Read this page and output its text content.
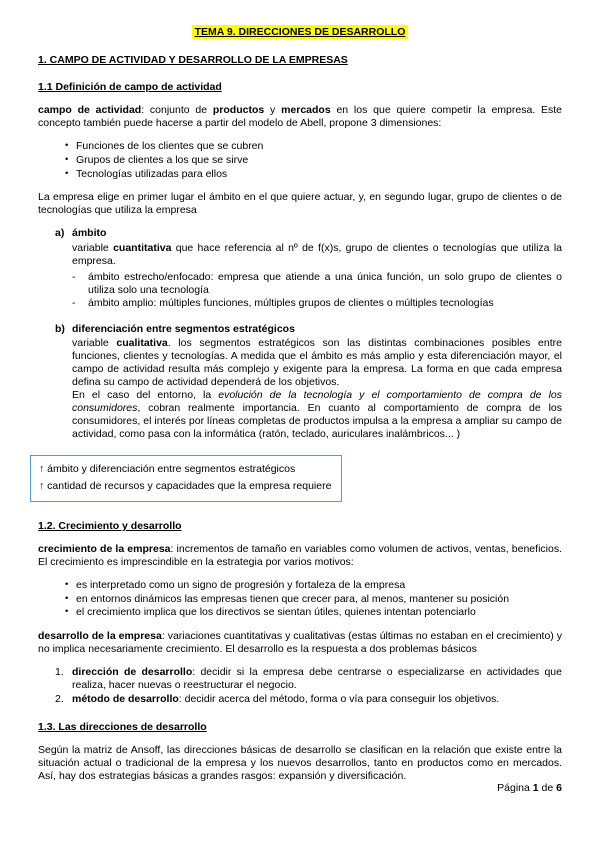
TEMA 9. DIRECCIONES DE DESARROLLO
1. CAMPO DE ACTIVIDAD Y DESARROLLO DE LA EMPRESAS
1.1 Definición de campo de actividad
campo de actividad: conjunto de productos y mercados en los que quiere competir la empresa. Este concepto también puede hacerse a partir del modelo de Abell, propone 3 dimensiones:
• Funciones de los clientes que se cubren
• Grupos de clientes a los que se sirve
• Tecnologías utilizadas para ellos
La empresa elige en primer lugar el ámbito en el que quiere actuar, y, en segundo lugar, grupo de clientes o de tecnologías que utiliza la empresa
a) ámbito
variable cuantitativa que hace referencia al nº de f(x)s, grupo de clientes o tecnologías que utiliza la empresa.
-	ámbito estrecho/enfocado: empresa que atiende a una única función, un solo grupo de clientes o utiliza solo una tecnología
-	ámbito amplio: múltiples funciones, múltiples grupos de clientes o múltiples tecnologías
b) diferenciación entre segmentos estratégicos
variable cualitativa. los segmentos estratégicos son las distintas combinaciones posibles entre funciones, clientes y tecnologías. A medida que el ámbito es más amplio y esta diferenciación mayor, el campo de actividad resulta más complejo y exigente para la empresa. La forma en que cada empresa defina su campo de actividad dependerá de los objetivos.
En el caso del entorno, la evolución de la tecnología y el comportamiento de compra de los consumidores, cobran realmente importancia. En cuanto al comportamiento de compra de los consumidores, el interés por líneas completas de productos impulsa a la empresa a ampliar su campo de actividad, como pasa con la informática (ratón, teclado, auriculares inalámbricos... )
↑ ámbito y diferenciación entre segmentos estratégicos
↑ cantidad de recursos y capacidades que la empresa requiere
1.2. Crecimiento y desarrollo
crecimiento de la empresa: incrementos de tamaño en variables como volumen de activos, ventas, beneficios. El crecimiento es imprescindible en la estrategia por varios motivos:
• es interpretado como un signo de progresión y fortaleza de la empresa
• en entornos dinámicos las empresas tienen que crecer para, al menos, mantener su posición
• el crecimiento implica que los directivos se sientan útiles, quienes intentan potenciarlo
desarrollo de la empresa: variaciones cuantitativas y cualitativas (estas últimas no estaban en el crecimiento) y no implica necesariamente crecimiento. El desarrollo es la respuesta a dos problemas básicos
1. dirección de desarrollo: decidir si la empresa debe centrarse o especializarse en actividades que realiza, hacer nuevas o reestructurar el negocio.
2. método de desarrollo: decidir acerca del método, forma o vía para conseguir los objetivos.
1.3. Las direcciones de desarrollo
Según la matriz de Ansoff, las direcciones básicas de desarrollo se clasifican en la relación que existe entre la situación actual o tradicional de la empresa y los nuevos desarrollos, tanto en productos como en mercados. Así, hay dos estrategias básicas a grandes rasgos: expansión y diversificación.
Página 1 de 6
